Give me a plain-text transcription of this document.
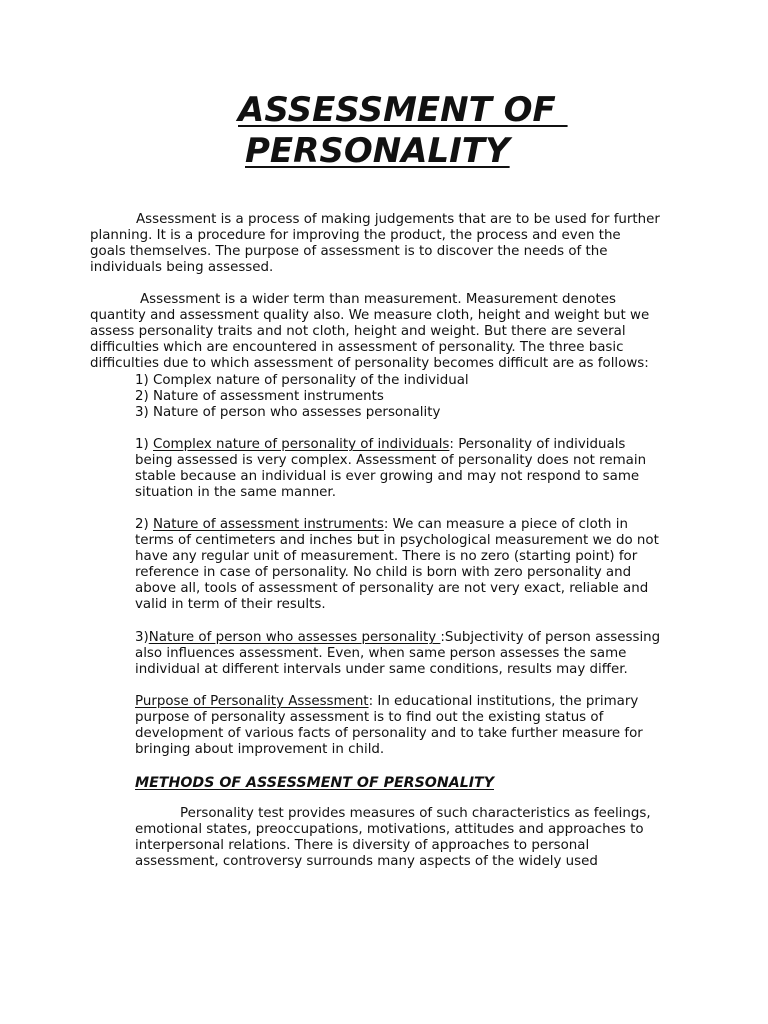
ASSESSMENT OF
PERSONALITY

Assessment is a process of making judgements that are to be used for further
planning. It is a procedure for improving the product, the process and even the
goals themselves. The purpose of assessment is to discover the needs of the
individuals being assessed.

Assessment is a wider term than measurement. Measurement denotes
quantity and assessment quality also. We measure cloth, height and weight but we
assess personality traits and not cloth, height and weight. But there are several
difficulties which are encountered in assessment of personality. The three basic
difficulties due to which assessment of personality becomes difficult are as follows:

1) Complex nature of personality of the individual
2) Nature of assessment instruments
3) Nature of person who assesses personality

1) Complex nature of personality of individuals: Personality of individuals
being assessed is very complex. Assessment of personality does not remain
stable because an individual is ever growing and may not respond to same
situation in the same manner.

2) Nature of assessment instruments: We can measure a piece of cloth in
terms of centimeters and inches but in psychological measurement we do not
have any regular unit of measurement. There is no zero (starting point) for
reference in case of personality. No child is born with zero personality and
above all, tools of assessment of personality are not very exact, reliable and
valid in term of their results.

3)Nature of person who assesses personality :Subjectivity of person assessing
also influences assessment. Even, when same person assesses the same
individual at different intervals under same conditions, results may differ.

Purpose of Personality Assessment: In educational institutions, the primary
purpose of personality assessment is to find out the existing status of
development of various facts of personality and to take further measure for
bringing about improvement in child.

METHODS OF ASSESSMENT OF PERSONALITY

Personality test provides measures of such characteristics as feelings,
emotional states, preoccupations, motivations, attitudes and approaches to
interpersonal relations. There is diversity of approaches to personal
assessment, controversy surrounds many aspects of the widely used
